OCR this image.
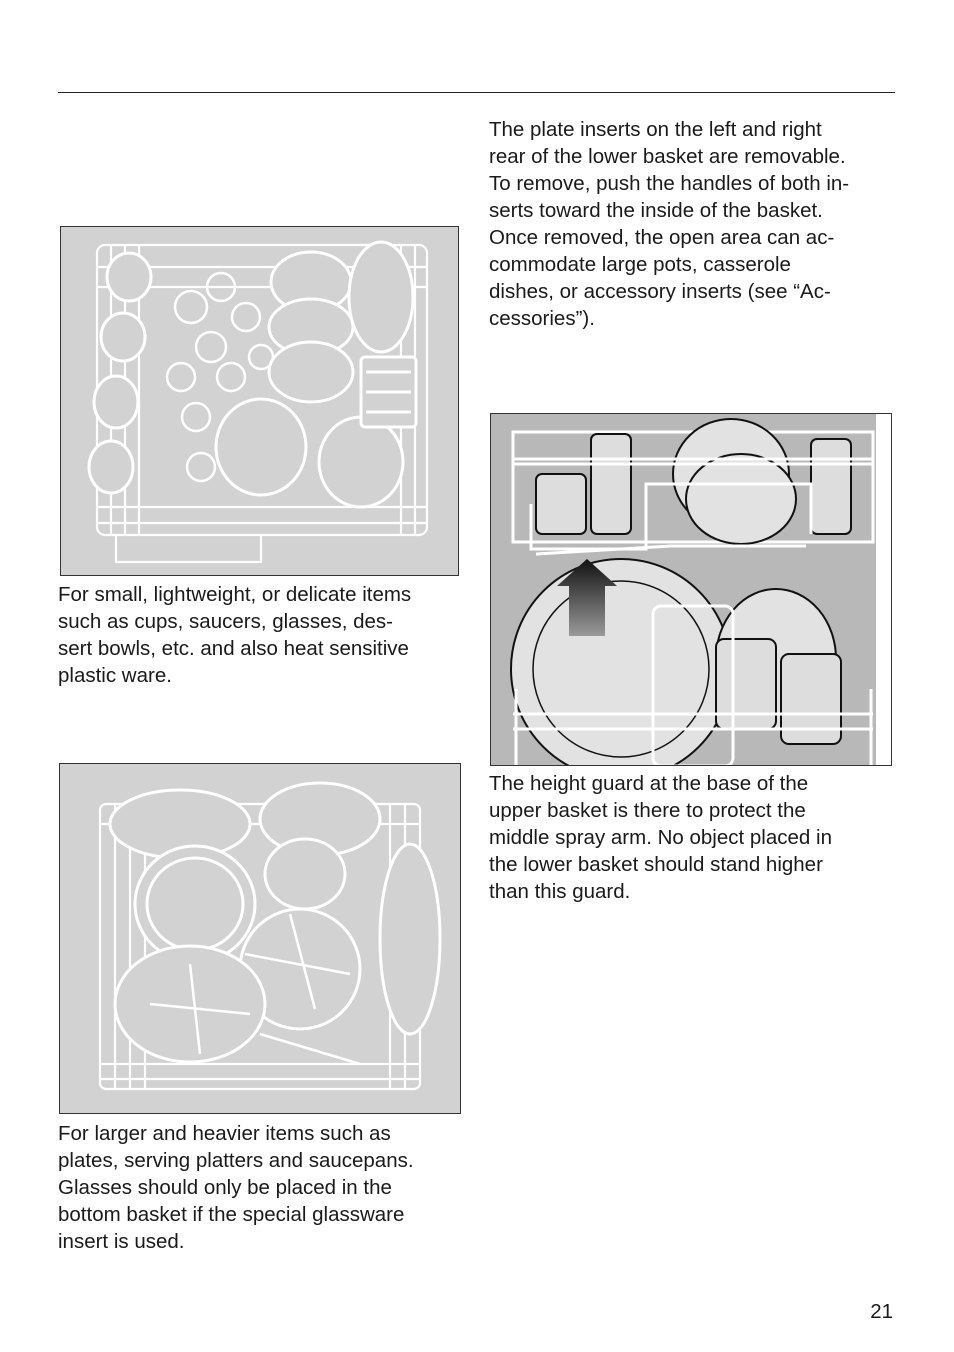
For small, lightweight, or delicate items
such as cups, saucers, glasses, des-
sert bowls, etc. and also heat sensitive
plastic ware.

For larger and heavier items such as
plates, serving platters and saucepans.
Glasses should only be placed in the
bottom basket if the special glassware
insert is used.

The plate inserts on the left and right
rear of the lower basket are removable.
To remove, push the handles of both in-
serts toward the inside of the basket.
Once removed, the open area can ac-
commodate large pots, casserole
dishes, or accessory inserts (see “Ac-
cessories”).

The height guard at the base of the
upper basket is there to protect the
middle spray arm. No object placed in
the lower basket should stand higher
than this guard.

21
